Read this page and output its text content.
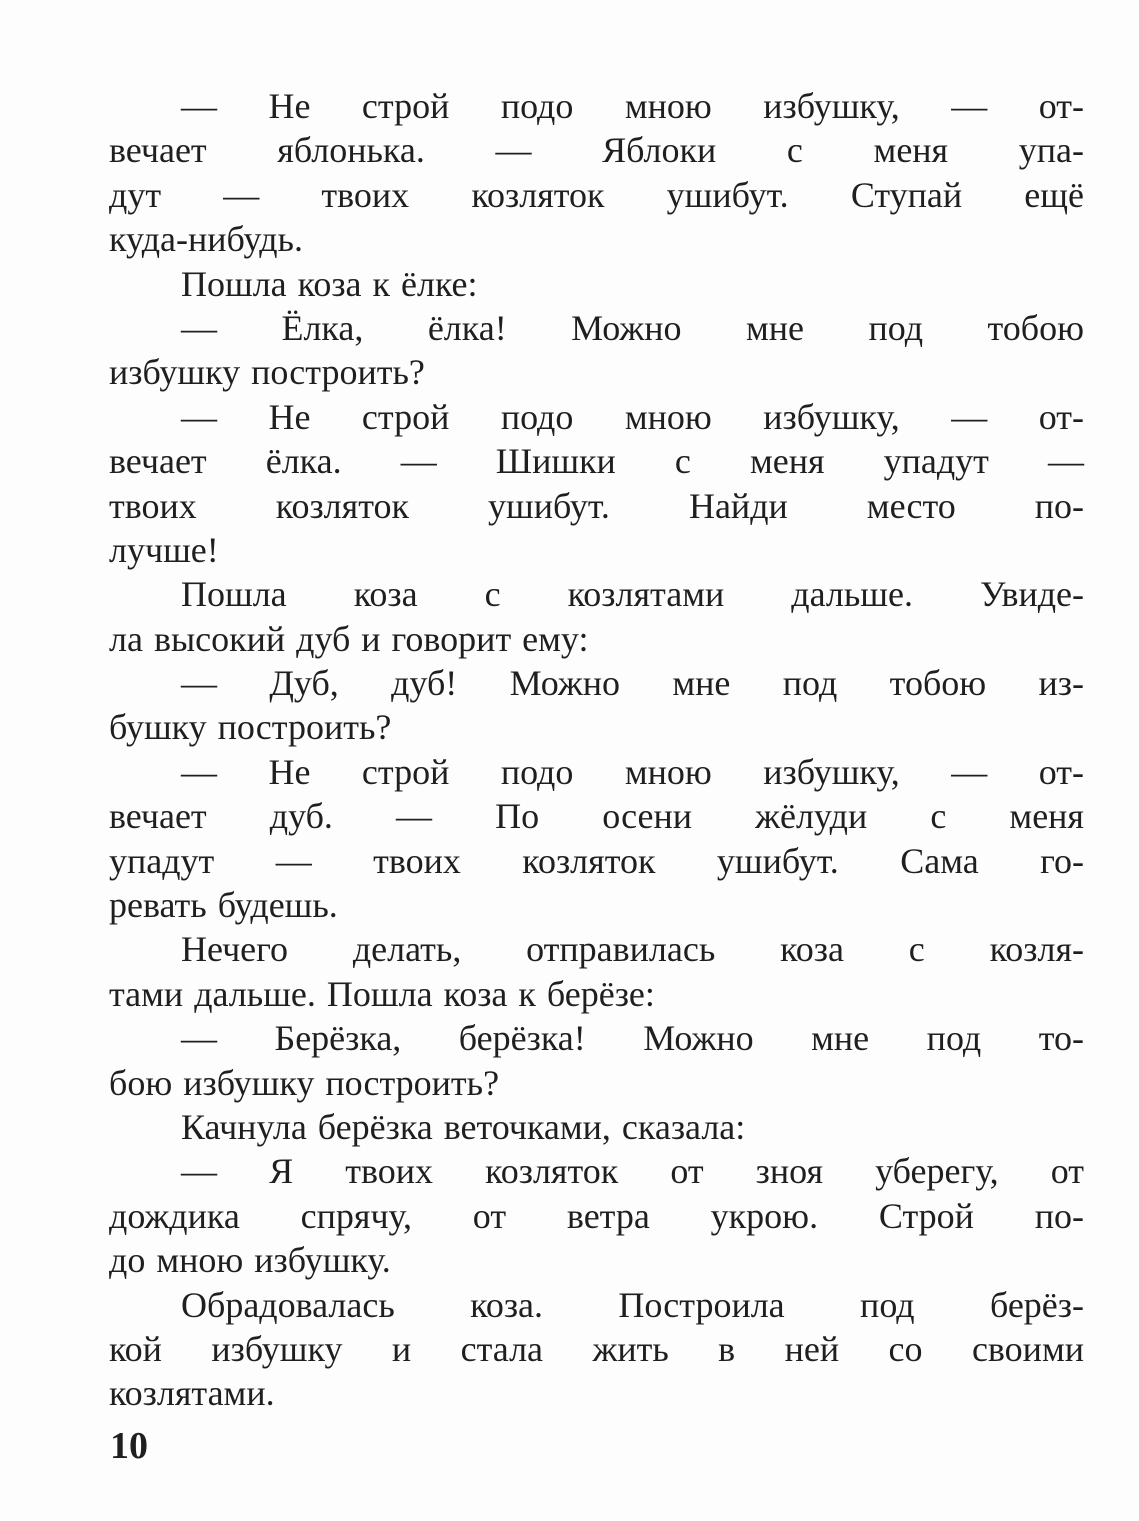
— Не строй подо мною избушку, — от-
вечает яблонька. — Яблоки с меня упа-
дут — твоих козляток ушибут. Ступай ещё
куда-нибудь.
Пошла коза к ёлке:
— Ёлка, ёлка! Можно мне под тобою
избушку построить?
— Не строй подо мною избушку, — от-
вечает ёлка. — Шишки с меня упадут —
твоих козляток ушибут. Найди место по-
лучше!
Пошла коза с козлятами дальше. Увиде-
ла высокий дуб и говорит ему:
— Дуб, дуб! Можно мне под тобою из-
бушку построить?
— Не строй подо мною избушку, — от-
вечает дуб. — По осени жёлуди с меня
упадут — твоих козляток ушибут. Сама го-
ревать будешь.
Нечего делать, отправилась коза с козля-
тами дальше. Пошла коза к берёзе:
— Берёзка, берёзка! Можно мне под то-
бою избушку построить?
Качнула берёзка веточками, сказала:
— Я твоих козляток от зноя уберегу, от
дождика спрячу, от ветра укрою. Строй по-
до мною избушку.
Обрадовалась коза. Построила под берёз-
кой избушку и стала жить в ней со своими
козлятами.
10
